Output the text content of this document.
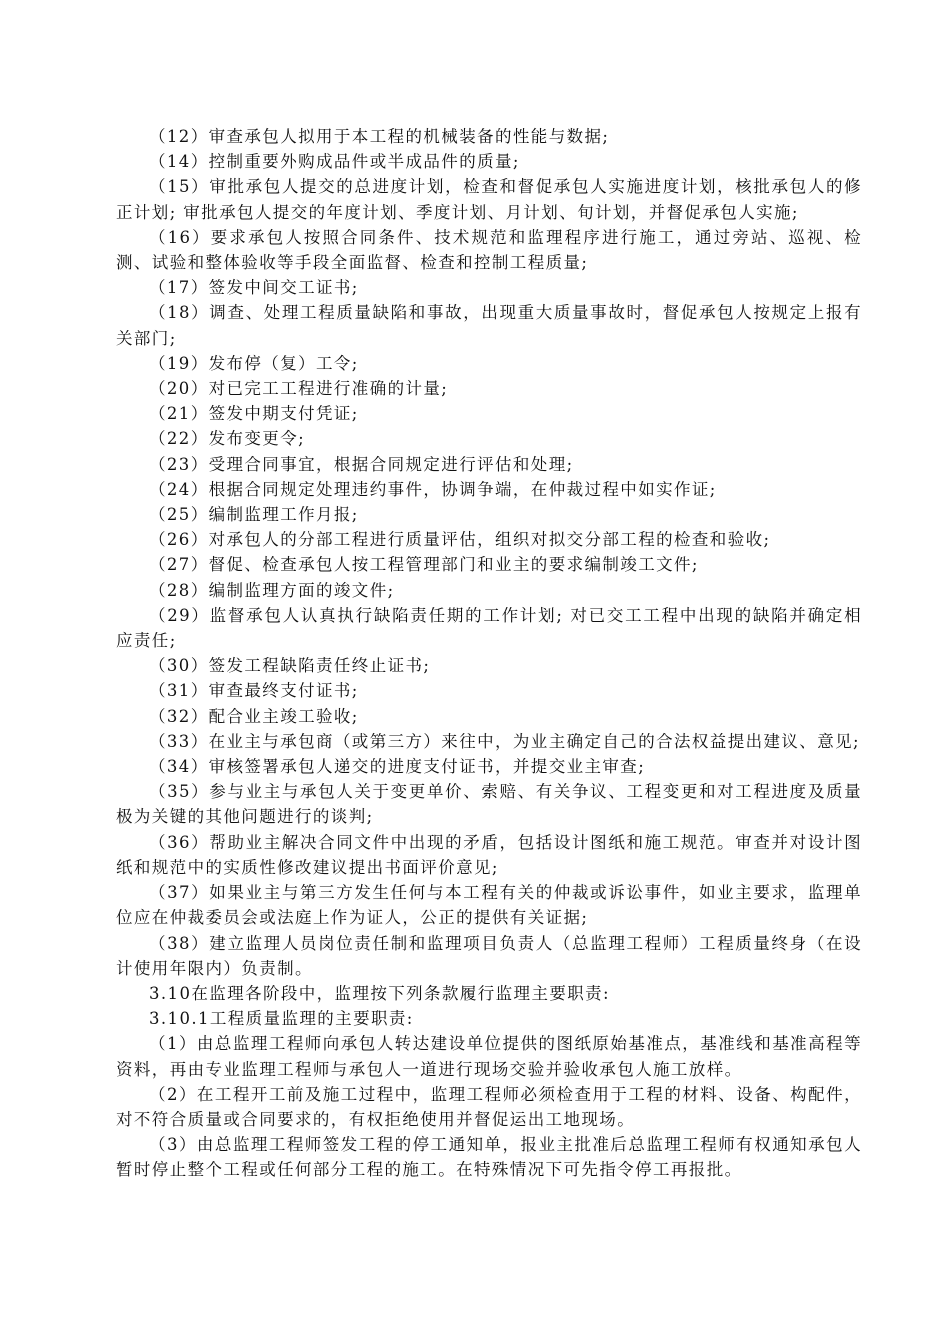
（12）审查承包人拟用于本工程的机械装备的性能与数据;

（14）控制重要外购成品件或半成品件的质量;

（15）审批承包人提交的总进度计划，检查和督促承包人实施进度计划，核批承包人的修正计划; 审批承包人提交的年度计划、季度计划、月计划、旬计划，并督促承包人实施;

（16）要求承包人按照合同条件、技术规范和监理程序进行施工，通过旁站、巡视、检测、试验和整体验收等手段全面监督、检查和控制工程质量;

（17）签发中间交工证书;

（18）调查、处理工程质量缺陷和事故，出现重大质量事故时，督促承包人按规定上报有关部门;

（19）发布停（复）工令;

（20）对已完工工程进行准确的计量;

（21）签发中期支付凭证;

（22）发布变更令;

（23）受理合同事宜，根据合同规定进行评估和处理;

（24）根据合同规定处理违约事件，协调争端，在仲裁过程中如实作证;

（25）编制监理工作月报;

（26）对承包人的分部工程进行质量评估，组织对拟交分部工程的检查和验收;

（27）督促、检查承包人按工程管理部门和业主的要求编制竣工文件;

（28）编制监理方面的竣文件;

（29）监督承包人认真执行缺陷责任期的工作计划; 对已交工工程中出现的缺陷并确定相应责任;

（30）签发工程缺陷责任终止证书;

（31）审查最终支付证书;

（32）配合业主竣工验收;

（33）在业主与承包商（或第三方）来往中，为业主确定自己的合法权益提出建议、意见;

（34）审核签署承包人递交的进度支付证书，并提交业主审查;

（35）参与业主与承包人关于变更单价、索赔、有关争议、工程变更和对工程进度及质量极为关键的其他问题进行的谈判;

（36）帮助业主解决合同文件中出现的矛盾，包括设计图纸和施工规范。审查并对设计图纸和规范中的实质性修改建议提出书面评价意见;

（37）如果业主与第三方发生任何与本工程有关的仲裁或诉讼事件，如业主要求，监理单位应在仲裁委员会或法庭上作为证人，公正的提供有关证据;

（38）建立监理人员岗位责任制和监理项目负责人（总监理工程师）工程质量终身（在设计使用年限内）负责制。

3.10在监理各阶段中，监理按下列条款履行监理主要职责:

3.10.1工程质量监理的主要职责:

（1）由总监理工程师向承包人转达建设单位提供的图纸原始基准点，基准线和基准高程等资料，再由专业监理工程师与承包人一道进行现场交验并验收承包人施工放样。

（2）在工程开工前及施工过程中，监理工程师必须检查用于工程的材料、设备、构配件，对不符合质量或合同要求的，有权拒绝使用并督促运出工地现场。

（3）由总监理工程师签发工程的停工通知单，报业主批准后总监理工程师有权通知承包人暂时停止整个工程或任何部分工程的施工。在特殊情况下可先指令停工再报批。
